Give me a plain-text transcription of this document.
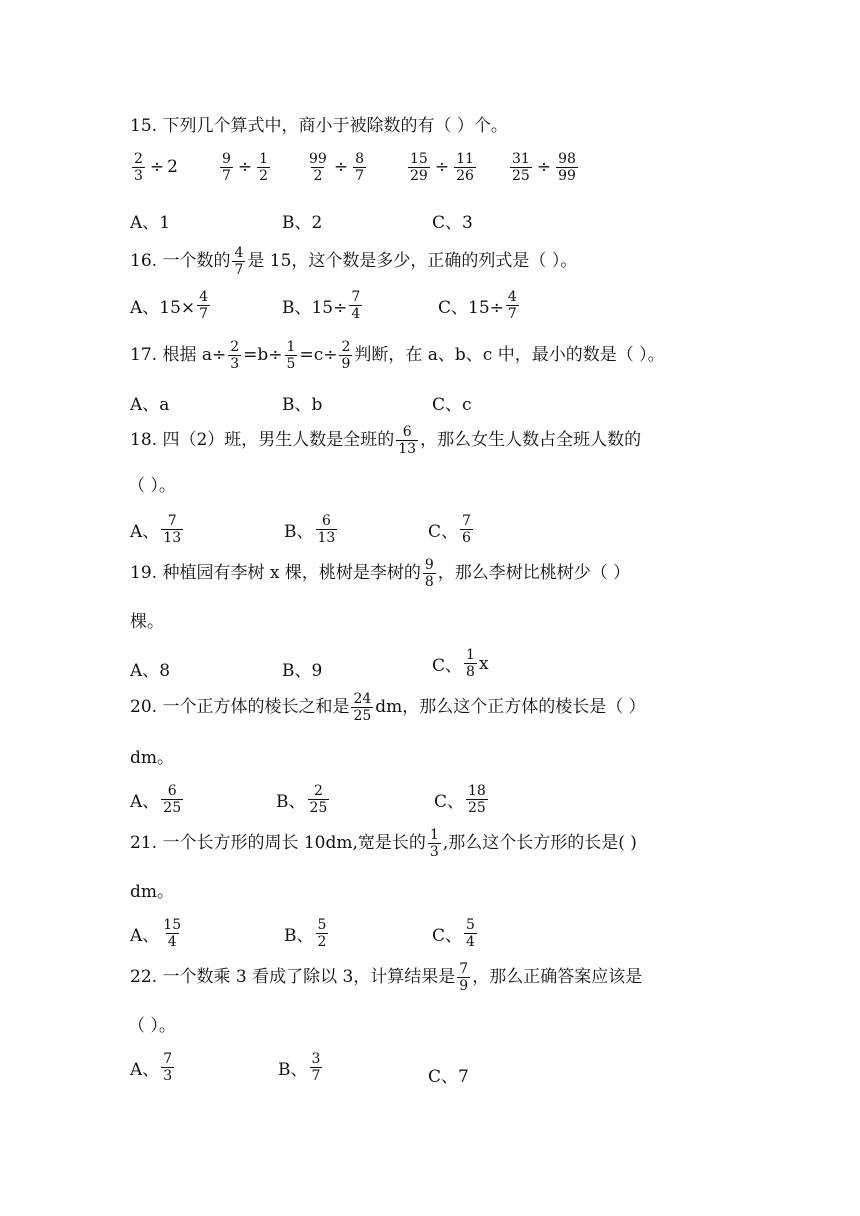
15. 下列几个算式中，商小于被除数的有（ ）个。
$\frac{2}{3} \div 2$	$\frac{9}{7} \div \frac{1}{2}$	$\frac{99}{2} \div \frac{8}{7}$	$\frac{15}{29} \div \frac{11}{26} \frac{31}{25} \div \frac{98}{99}$
A、1	B、2	C、3
16. 一个数的 $\frac{4}{7}$ 是 15，这个数是多少，正确的列式是（ ）。
A、$15\times \frac{4}{7}$	B、$15\div \frac{7}{4}$	C、$15\div \frac{4}{7}$
17. 根据 $a\div \frac{2}{3} =b\div \frac{1}{5} =c\div \frac{2}{9}$ 判断，在 a、b、c 中，最小的数是（ ）。
A、a	B、b	C、c
18. 四（2）班，男生人数是全班的 $\frac{6}{13}$ ，那么女生人数占全班人数的
（ ）。
A、 $\frac{7}{13}$	B、 $\frac{6}{13}$	C、 $\frac{7}{6}$
19. 种植园有李树 x 棵，桃树是李树的 $\frac{9}{8}$ ，那么李树比桃树少（ ）
棵。
A、8	B、9	C、 $\frac{1}{8}$ x
20. 一个正方体的棱长之和是 $\frac{24}{25}$ dm，那么这个正方体的棱长是（ ）
dm。
A、 $\frac{6}{25}$	B、 $\frac{2}{25}$	C、 $\frac{18}{25}$
21. 一个长方形的周长 10dm,宽是长的 $\frac{1}{3}$ ,那么这个长方形的长是( )
dm。
A、 $\frac{15}{4}$	B、 $\frac{5}{2}$	C、 $\frac{5}{4}$
22. 一个数乘 3 看成了除以 3，计算结果是 $\frac{7}{9}$ ，那么正确答案应该是
（ ）。
A、 $\frac{7}{3}$	B、 $\frac{3}{7}$	C、7
